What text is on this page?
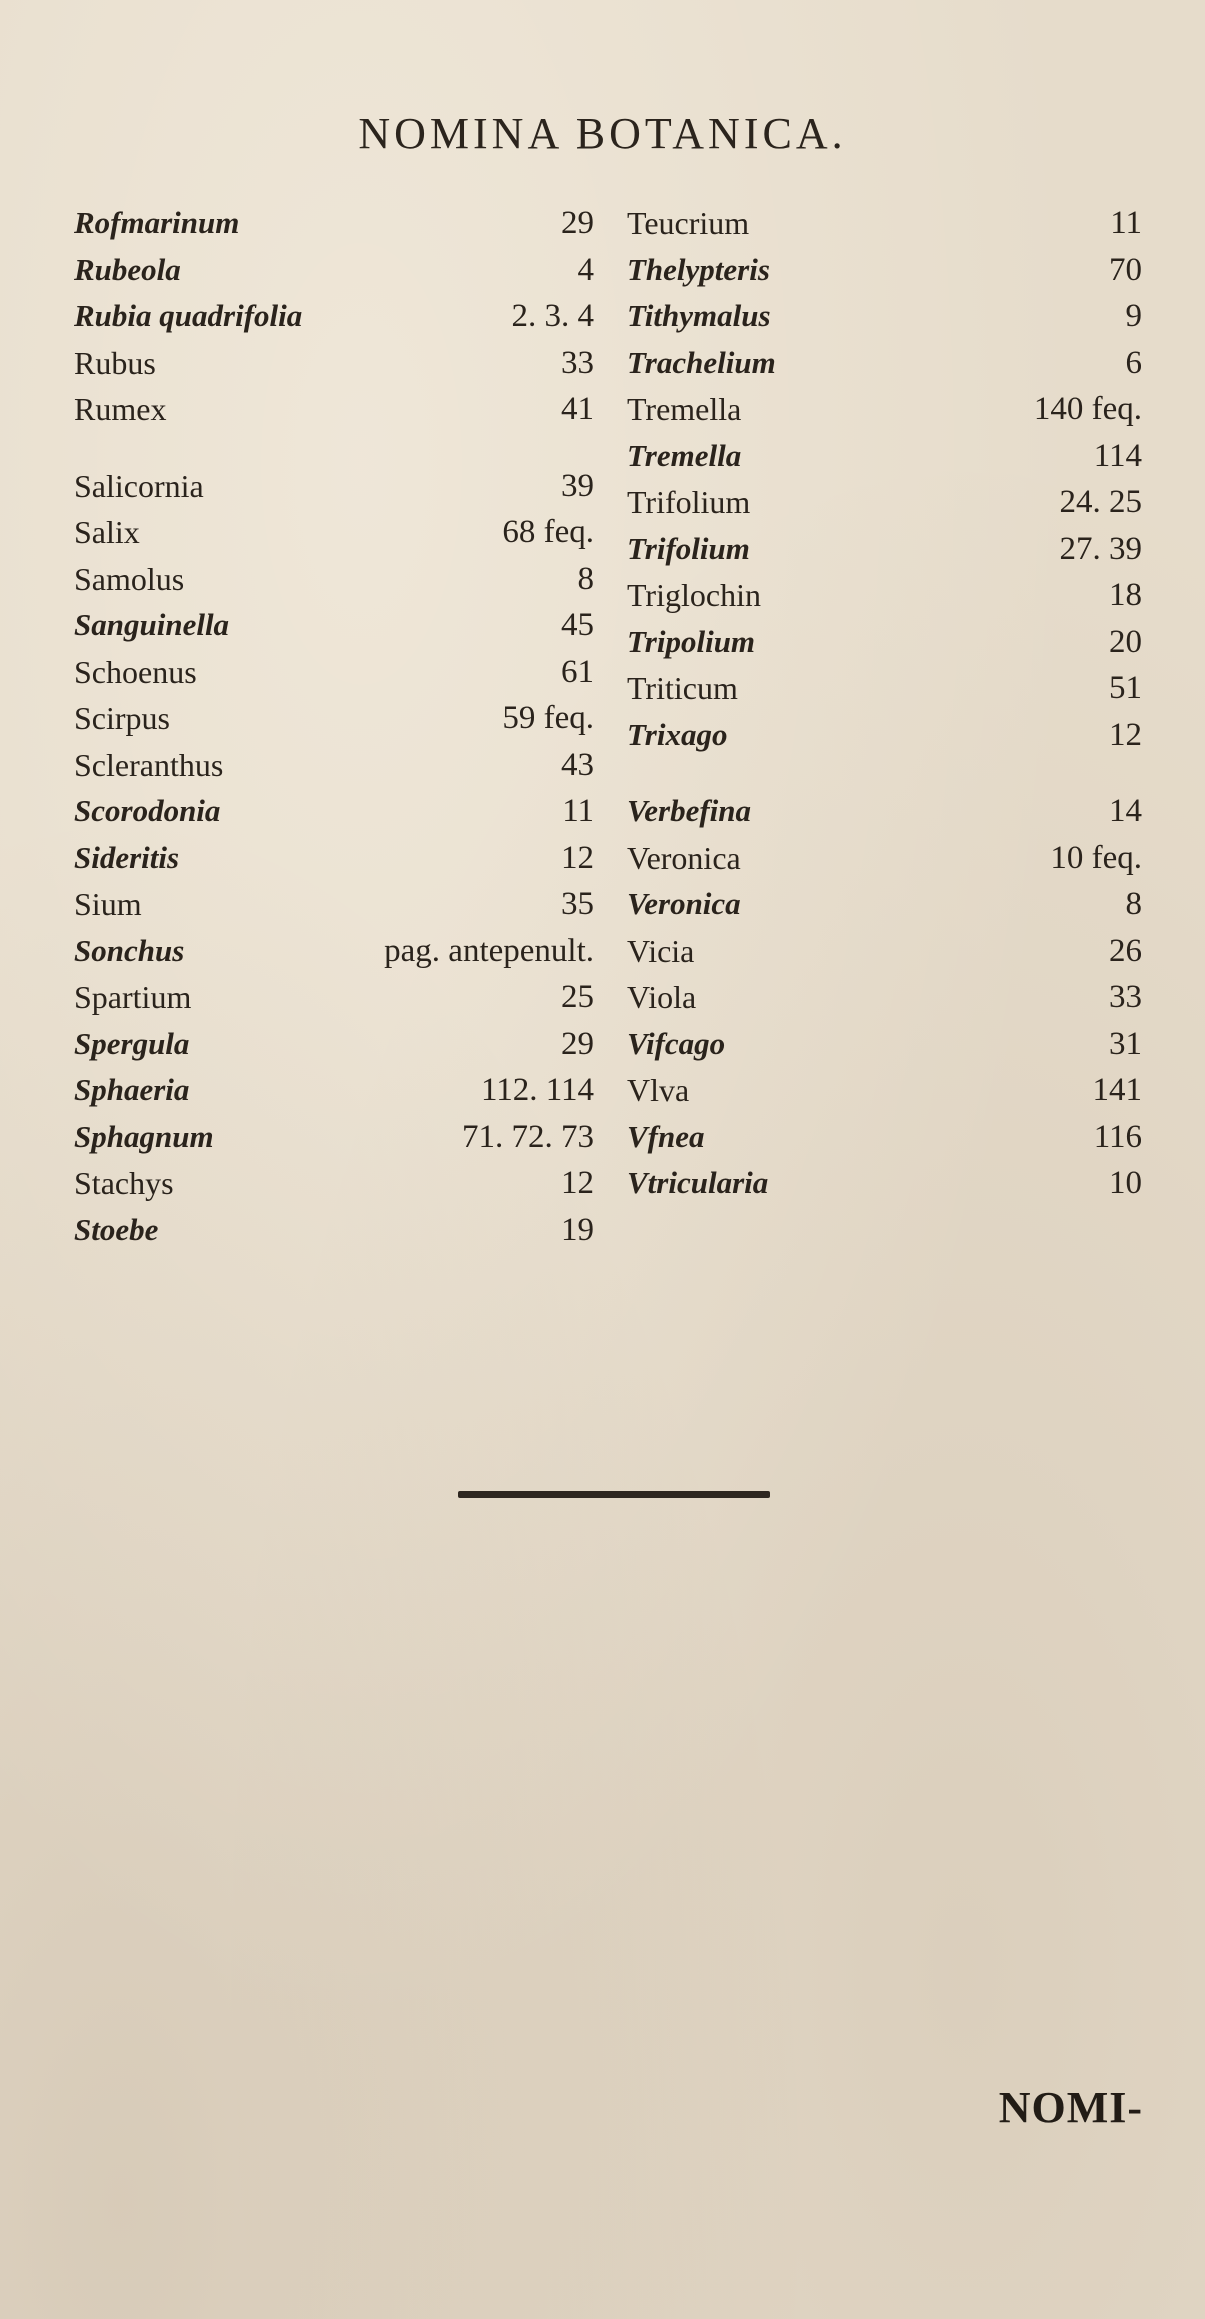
NOMINA BOTANICA.
Rofmarinum	29
Rubeola	4
Rubia quadrifolia	2. 3. 4
Rubus	33
Rumex	41
Salicornia	39
Salix	68 feq.
Samolus	8
Sanguinella	45
Schoenus	61
Scirpus	59 feq.
Scleranthus	43
Scorodonia	11
Sideritis	12
Sium	35
Sonchus	pag. antepenult.
Spartium	25
Spergula	29
Sphaeria	112. 114
Sphagnum	71. 72. 73
Stachys	12
Stoebe	19
Teucrium	11
Thelypteris	70
Tithymalus	9
Trachelium	6
Tremella	140 feq.
Tremella	114
Trifolium	24. 25
Trifolium	27. 39
Triglochin	18
Tripolium	20
Triticum	51
Trixago	12
Verbefina	14
Veronica	10 feq.
Veronica	8
Vicia	26
Viola	33
Vifcago	31
Vlva	141
Vfnea	116
Vtricularia	10
NOMI-
